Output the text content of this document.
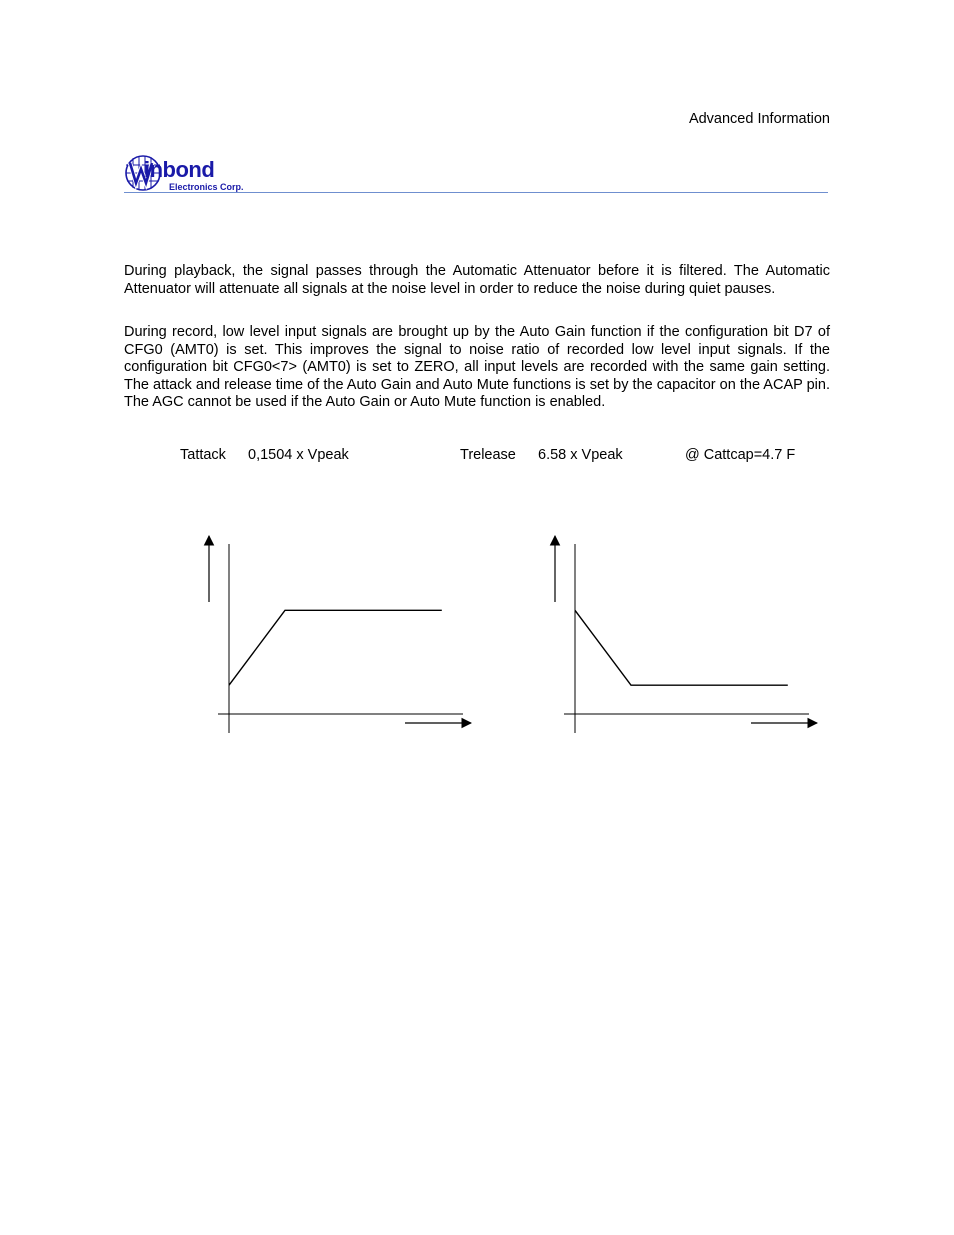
Advanced Information
inbond
Electronics Corp.

During playback, the signal passes through the Automatic Attenuator before it is filtered. The Automatic Attenuator will attenuate all signals at the noise level in order to reduce the noise during quiet pauses.

During record, low level input signals are brought up by the Auto Gain function if the configuration bit D7 of CFG0 (AMT0) is set. This improves the signal to noise ratio of recorded low level input signals. If the configuration bit CFG0<7> (AMT0) is set to ZERO, all input levels are recorded with the same gain setting. The attack and release time of the Auto Gain and Auto Mute functions is set by the capacitor on the ACAP pin. The AGC cannot be used if the Auto Gain or Auto Mute function is enabled.

Tattack 0,1504 x Vpeak	Trelease 6.58 x Vpeak	@ Cattcap=4.7 F
